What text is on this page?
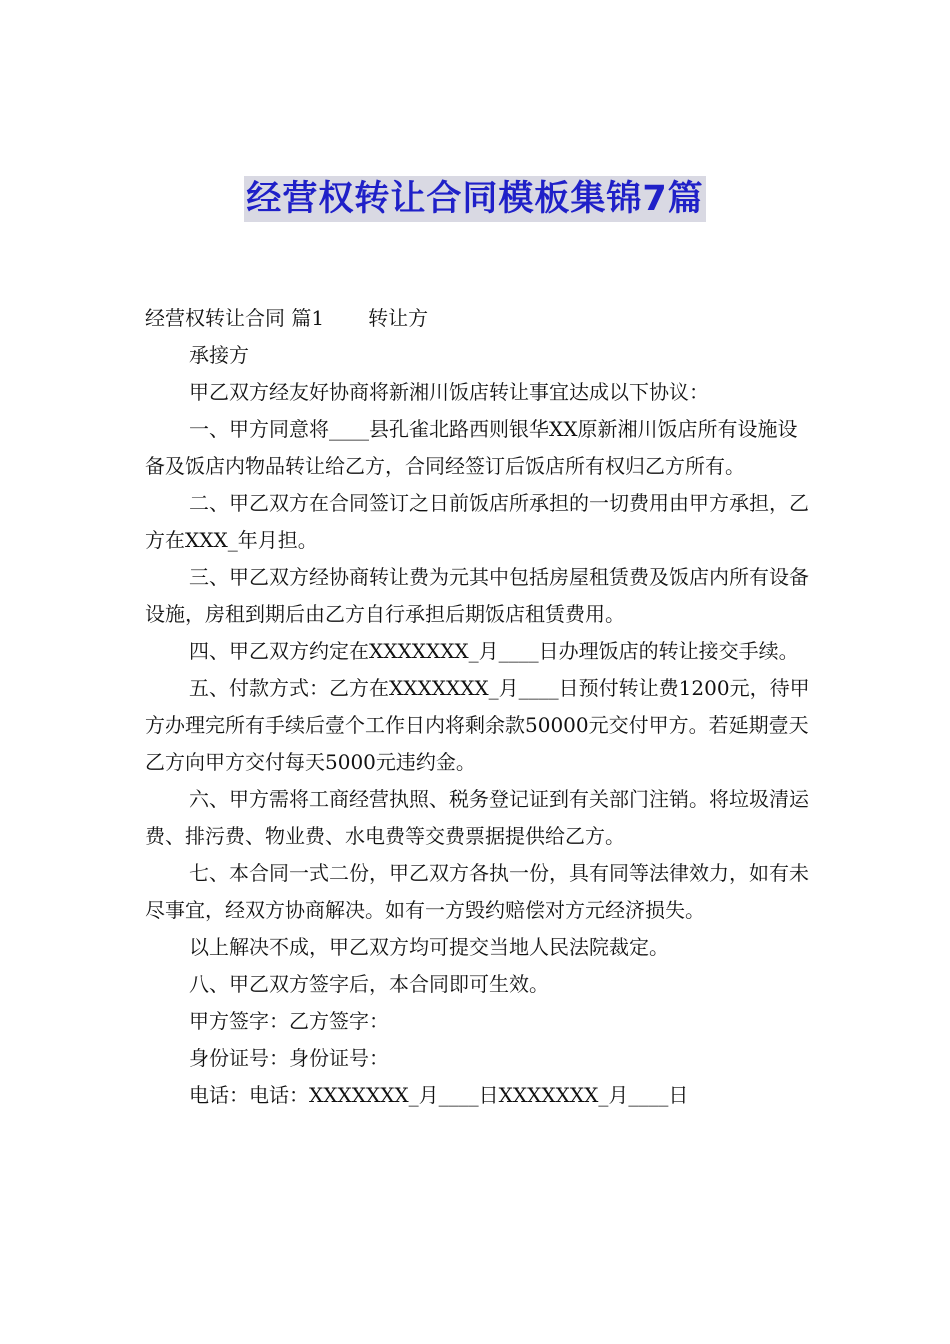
经营权转让合同模板集锦7篇

经营权转让合同 篇1 转让方

承接方

甲乙双方经友好协商将新湘川饭店转让事宜达成以下协议：

一、甲方同意将____县孔雀北路西则银华XX原新湘川饭店所有设施设备及饭店内物品转让给乙方，合同经签订后饭店所有权归乙方所有。

二、甲乙双方在合同签订之日前饭店所承担的一切费用由甲方承担，乙方在XXX_年月担。

三、甲乙双方经协商转让费为元其中包括房屋租赁费及饭店内所有设备设施，房租到期后由乙方自行承担后期饭店租赁费用。

四、甲乙双方约定在XXXXXXX_月____日办理饭店的转让接交手续。

五、付款方式：乙方在XXXXXXX_月____日预付转让费1200元，待甲方办理完所有手续后壹个工作日内将剩余款50000元交付甲方。若延期壹天乙方向甲方交付每天5000元违约金。

六、甲方需将工商经营执照、税务登记证到有关部门注销。将垃圾清运费、排污费、物业费、水电费等交费票据提供给乙方。

七、本合同一式二份，甲乙双方各执一份，具有同等法律效力，如有未尽事宜，经双方协商解决。如有一方毁约赔偿对方元经济损失。

以上解决不成，甲乙双方均可提交当地人民法院裁定。

八、甲乙双方签字后，本合同即可生效。

甲方签字：乙方签字：

身份证号：身份证号：

电话：电话：XXXXXXX_月____日XXXXXXX_月____日
